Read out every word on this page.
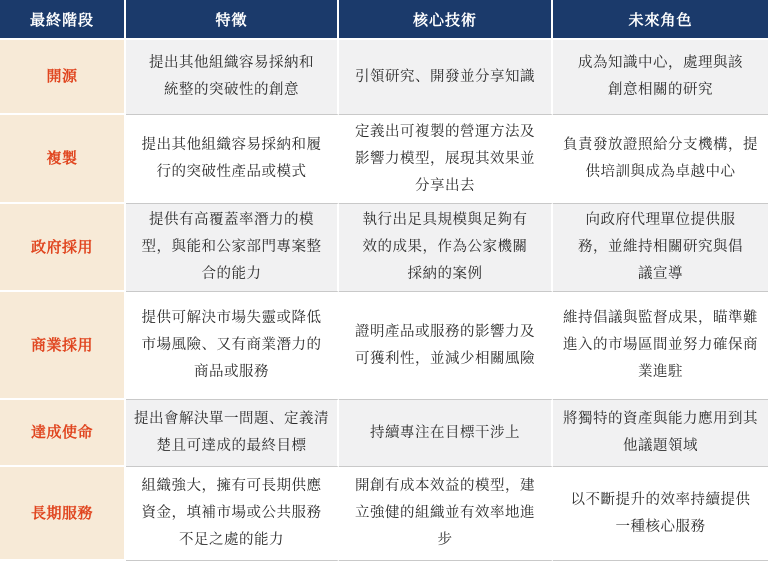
最終階段	特徵	核心技術	未來角色
開源	提出其他組織容易採納和統整的突破性的創意	引領研究、開發並分享知識	成為知識中心，處理與該創意相關的研究
複製	提出其他組織容易採納和履行的突破性產品或模式	定義出可複製的營運方法及影響力模型，展現其效果並分享出去	負責發放證照給分支機構，提供培訓與成為卓越中心
政府採用	提供有高覆蓋率潛力的模型，與能和公家部門專案整合的能力	執行出足具規模與足夠有效的成果，作為公家機關採納的案例	向政府代理單位提供服務，並維持相關研究與倡議宣導
商業採用	提供可解決市場失靈或降低市場風險、又有商業潛力的商品或服務	證明產品或服務的影響力及可獲利性，並減少相關風險	維持倡議與監督成果，瞄準難進入的市場區間並努力確保商業進駐
達成使命	提出會解決單一問題、定義清楚且可達成的最終目標	持續專注在目標干涉上	將獨特的資產與能力應用到其他議題領域
長期服務	組織強大，擁有可長期供應資金，填補市場或公共服務不足之處的能力	開創有成本效益的模型，建立強健的組織並有效率地進步	以不斷提升的效率持續提供一種核心服務
